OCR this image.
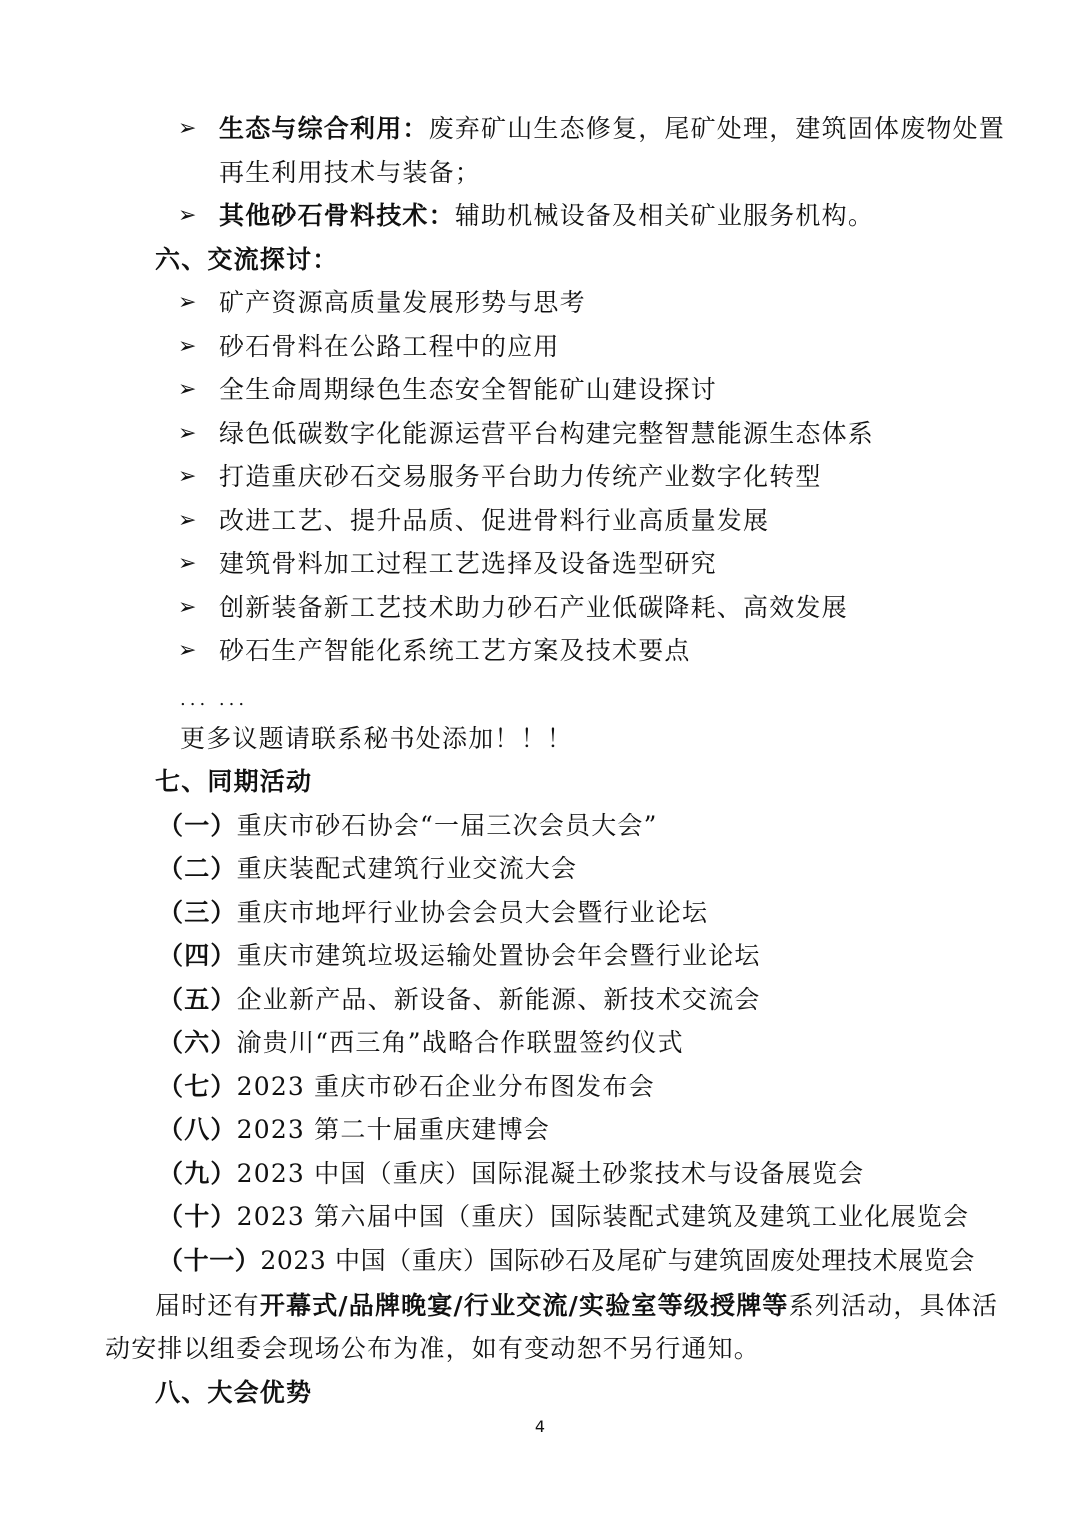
➢ 生态与综合利用：废弃矿山生态修复，尾矿处理，建筑固体废物处置
再生利用技术与装备；
➢ 其他砂石骨料技术：辅助机械设备及相关矿业服务机构。
六、交流探讨：
➢ 矿产资源高质量发展形势与思考
➢ 砂石骨料在公路工程中的应用
➢ 全生命周期绿色生态安全智能矿山建设探讨
➢ 绿色低碳数字化能源运营平台构建完整智慧能源生态体系
➢ 打造重庆砂石交易服务平台助力传统产业数字化转型
➢ 改进工艺、提升品质、促进骨料行业高质量发展
➢ 建筑骨料加工过程工艺选择及设备选型研究
➢ 创新装备新工艺技术助力砂石产业低碳降耗、高效发展
➢ 砂石生产智能化系统工艺方案及技术要点
... ...
更多议题请联系秘书处添加！！！
七、同期活动
（一）重庆市砂石协会“一届三次会员大会”
（二）重庆装配式建筑行业交流大会
（三）重庆市地坪行业协会会员大会暨行业论坛
（四）重庆市建筑垃圾运输处置协会年会暨行业论坛
（五）企业新产品、新设备、新能源、新技术交流会
（六）渝贵川“西三角”战略合作联盟签约仪式
（七）2023 重庆市砂石企业分布图发布会
（八）2023 第二十届重庆建博会
（九）2023 中国（重庆）国际混凝土砂浆技术与设备展览会
（十）2023 第六届中国（重庆）国际装配式建筑及建筑工业化展览会
（十一）2023 中国（重庆）国际砂石及尾矿与建筑固废处理技术展览会
届时还有开幕式/品牌晚宴/行业交流/实验室等级授牌等系列活动，具体活
动安排以组委会现场公布为准，如有变动恕不另行通知。
八、大会优势
4
